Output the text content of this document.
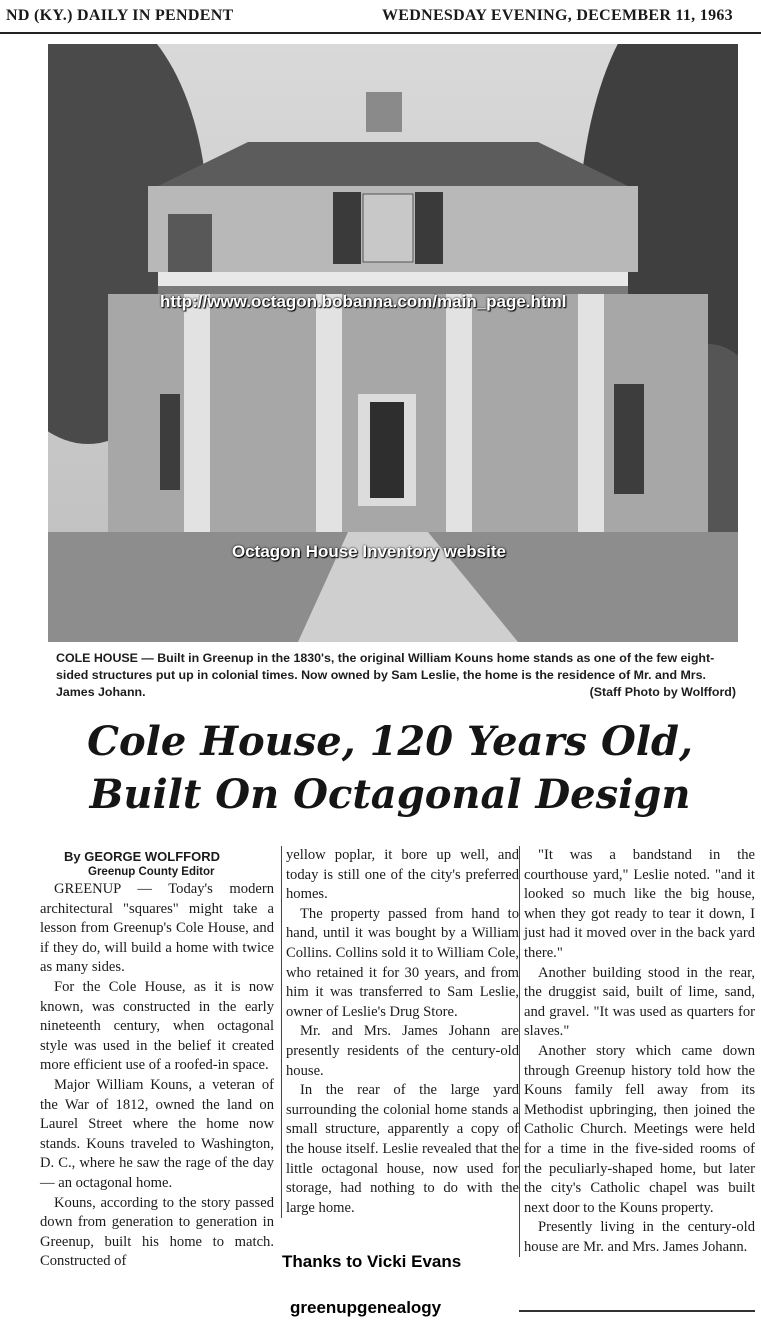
ND (KY.) DAILY IN PENDENT	WEDNESDAY EVENING, DECEMBER 11, 1963
http://www.octagon.bobanna.com/main_page.html
Octagon House Inventory website
COLE HOUSE — Built in Greenup in the 1830's, the original William Kouns home stands as one of the few eight-sided structures put up in colonial times. Now owned by Sam Leslie, the home is the residence of Mr. and Mrs. James Johann.	(Staff Photo by Wolfford)
Cole House, 120 Years Old,
Built On Octagonal Design
By GEORGE WOLFFORD
Greenup County Editor

GREENUP — Today's modern architectural "squares" might take a lesson from Greenup's Cole House, and if they do, will build a home with twice as many sides.

For the Cole House, as it is now known, was constructed in the early nineteenth century, when octagonal style was used in the belief it created more efficient use of a roofed-in space.

Major William Kouns, a veteran of the War of 1812, owned the land on Laurel Street where the home now stands. Kouns traveled to Washington, D. C., where he saw the rage of the day — an octagonal home.

Kouns, according to the story passed down from generation to generation in Greenup, built his home to match. Constructed of

yellow poplar, it bore up well, and today is still one of the city's preferred homes.

The property passed from hand to hand, until it was bought by a William Collins. Collins sold it to William Cole, who retained it for 30 years, and from him it was transferred to Sam Leslie, owner of Leslie's Drug Store.

Mr. and Mrs. James Johann are presently residents of the century-old house.

In the rear of the large yard surrounding the colonial home stands a small structure, apparently a copy of the house itself. Leslie revealed that the little octagonal house, now used for storage, had nothing to do with the large home.

"It was a bandstand in the courthouse yard," Leslie noted. "and it looked so much like the big house, when they got ready to tear it down, I just had it moved over in the back yard there."

Another building stood in the rear, the druggist said, built of lime, sand, and gravel. "It was used as quarters for slaves."

Another story which came down through Greenup history told how the Kouns family fell away from its Methodist upbringing, then joined the Catholic Church. Meetings were held for a time in the five-sided rooms of the peculiarly-shaped home, but later the city's Catholic chapel was built next door to the Kouns property.

Presently living in the century-old house are Mr. and Mrs. James Johann.

Thanks to Vicki Evans
greenupgenealogy
